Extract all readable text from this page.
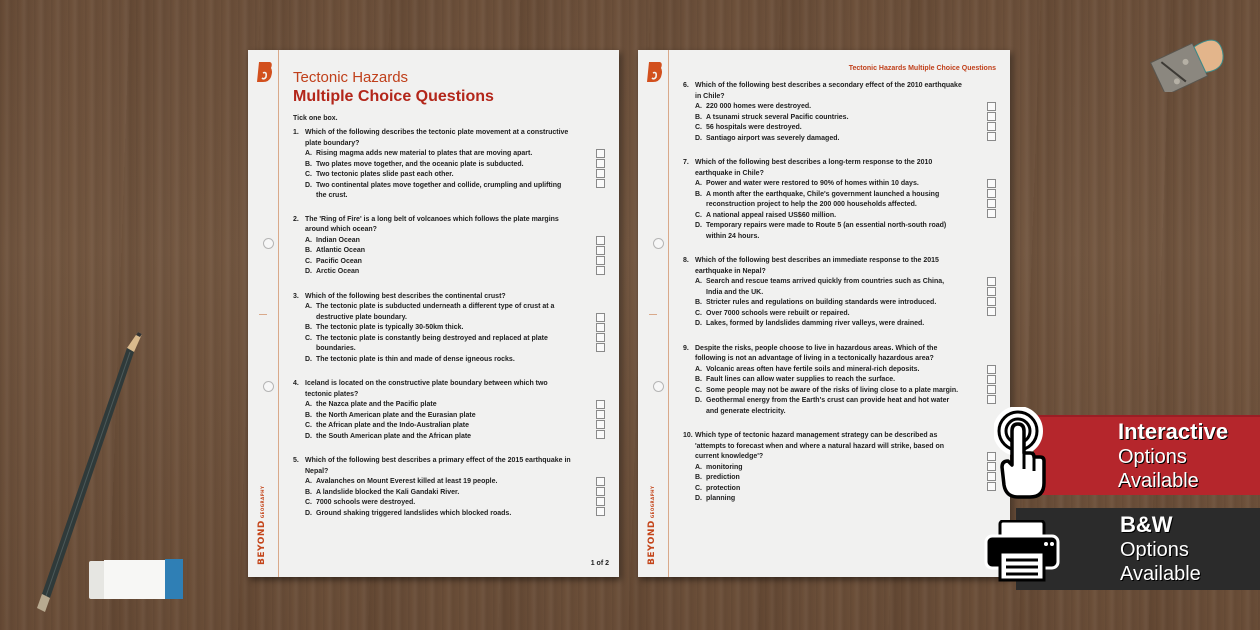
BEYONDGEOGRAPHY
Tectonic Hazards
Multiple Choice Questions
Tick one box.
1. Which of the following describes the tectonic plate movement at a constructive plate boundary?
A. Rising magma adds new material to plates that are moving apart.
B. Two plates move together, and the oceanic plate is subducted.
C. Two tectonic plates slide past each other.
D. Two continental plates move together and collide, crumpling and uplifting the crust.
2. The 'Ring of Fire' is a long belt of volcanoes which follows the plate margins around which ocean?
A. Indian Ocean
B. Atlantic Ocean
C. Pacific Ocean
D. Arctic Ocean
3. Which of the following best describes the continental crust?
A. The tectonic plate is subducted underneath a different type of crust at a destructive plate boundary.
B. The tectonic plate is typically 30-50km thick.
C. The tectonic plate is constantly being destroyed and replaced at plate boundaries.
D. The tectonic plate is thin and made of dense igneous rocks.
4. Iceland is located on the constructive plate boundary between which two tectonic plates?
A. the Nazca plate and the Pacific plate
B. the North American plate and the Eurasian plate
C. the African plate and the Indo-Australian plate
D. the South American plate and the African plate
5. Which of the following best describes a primary effect of the 2015 earthquake in Nepal?
A. Avalanches on Mount Everest killed at least 19 people.
B. A landslide blocked the Kali Gandaki River.
C. 7000 schools were destroyed.
D. Ground shaking triggered landslides which blocked roads.
1 of 2	BEYONDGEOGRAPHY
Tectonic Hazards Multiple Choice Questions
6. Which of the following best describes a secondary effect of the 2010 earthquake in Chile?
A. 220 000 homes were destroyed.
B. A tsunami struck several Pacific countries.
C. 56 hospitals were destroyed.
D. Santiago airport was severely damaged.
7. Which of the following best describes a long-term response to the 2010 earthquake in Chile?
A. Power and water were restored to 90% of homes within 10 days.
B. A month after the earthquake, Chile's government launched a housing reconstruction project to help the 200 000 households affected.
C. A national appeal raised US$60 million.
D. Temporary repairs were made to Route 5 (an essential north-south road) within 24 hours.
8. Which of the following best describes an immediate response to the 2015 earthquake in Nepal?
A. Search and rescue teams arrived quickly from countries such as China, India and the UK.
B. Stricter rules and regulations on building standards were introduced.
C. Over 7000 schools were rebuilt or repaired.
D. Lakes, formed by landslides damming river valleys, were drained.
9. Despite the risks, people choose to live in hazardous areas. Which of the following is not an advantage of living in a tectonically hazardous area?
A. Volcanic areas often have fertile soils and mineral-rich deposits.
B. Fault lines can allow water supplies to reach the surface.
C. Some people may not be aware of the risks of living close to a plate margin.
D. Geothermal energy from the Earth's crust can provide heat and hot water and generate electricity.
10. Which type of tectonic hazard management strategy can be described as 'attempts to forecast when and where a natural hazard will strike, based on current knowledge'?
A. monitoring
B. prediction
C. protection
D. planning
Interactive
Options Available
B&W
Options Available
